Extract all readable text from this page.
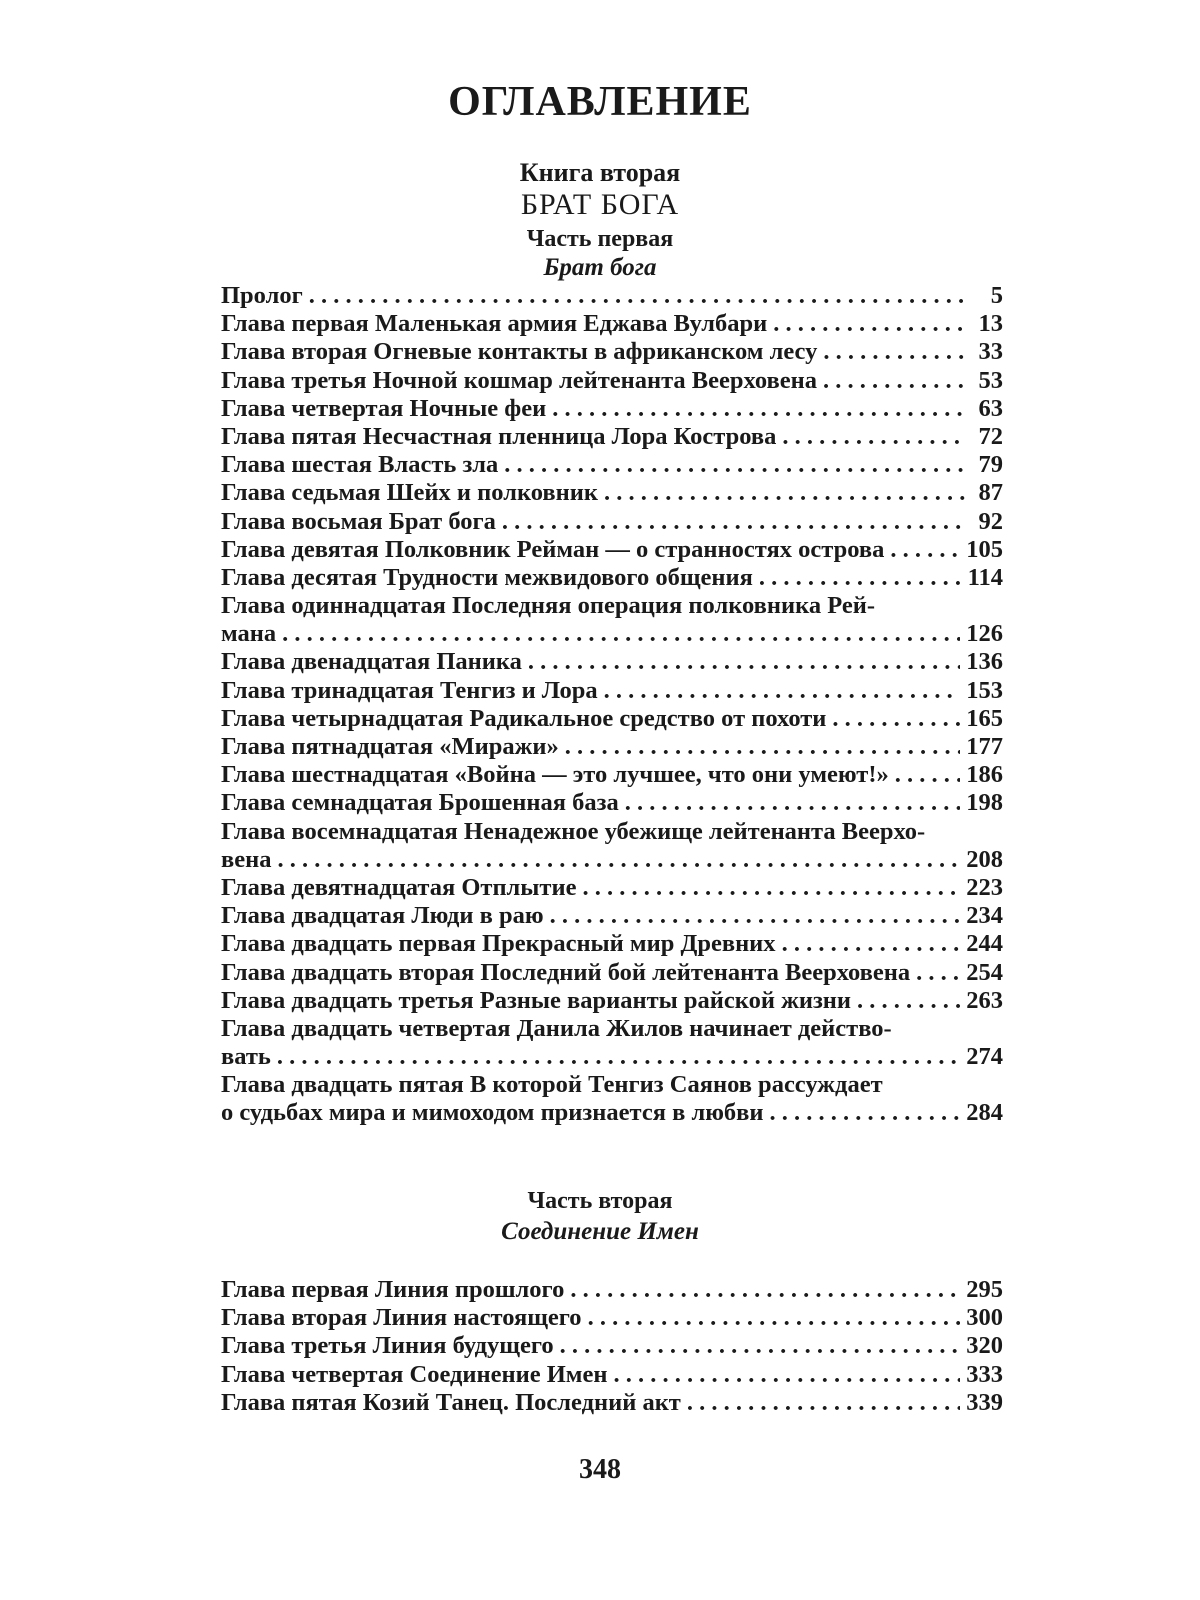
ОГЛАВЛЕНИЕ
Книга вторая
БРАТ БОГА
Часть первая
Брат бога
Пролог . . .	5
Глава первая Маленькая армия Еджава Вулбари . . .	13
Глава вторая Огневые контакты в африканском лесу . . .	33
Глава третья Ночной кошмар лейтенанта Веерховена . . .	53
Глава четвертая Ночные феи . . .	63
Глава пятая Несчастная пленница Лора Кострова . . .	72
Глава шестая Власть зла . . .	79
Глава седьмая Шейх и полковник . . .	87
Глава восьмая Брат бога . . .	92
Глава девятая Полковник Рейман — о странностях острова . . .	105
Глава десятая Трудности межвидового общения . . .	114
Глава одиннадцатая Последняя операция полковника Рей-
мана . . .	126
Глава двенадцатая Паника . . .	136
Глава тринадцатая Тенгиз и Лора . . .	153
Глава четырнадцатая Радикальное средство от похоти . . .	165
Глава пятнадцатая «Миражи» . . .	177
Глава шестнадцатая «Война — это лучшее, что они умеют!» . . .	186
Глава семнадцатая Брошенная база . . .	198
Глава восемнадцатая Ненадежное убежище лейтенанта Веерхо-
вена . . .	208
Глава девятнадцатая Отплытие . . .	223
Глава двадцатая Люди в раю . . .	234
Глава двадцать первая Прекрасный мир Древних . . .	244
Глава двадцать вторая Последний бой лейтенанта Веерховена . . . 254
Глава двадцать третья Разные варианты райской жизни . . .	263
Глава двадцать четвертая Данила Жилов начинает действо-
вать . . .	274
Глава двадцать пятая В которой Тенгиз Саянов рассуждает
о судьбах мира и мимоходом признается в любви . . .	284
Часть вторая
Соединение Имен
Глава первая Линия прошлого . . .	295
Глава вторая Линия настоящего . . .	300
Глава третья Линия будущего . . .	320
Глава четвертая Соединение Имен . . .	333
Глава пятая Козий Танец. Последний акт . . .	339
348
